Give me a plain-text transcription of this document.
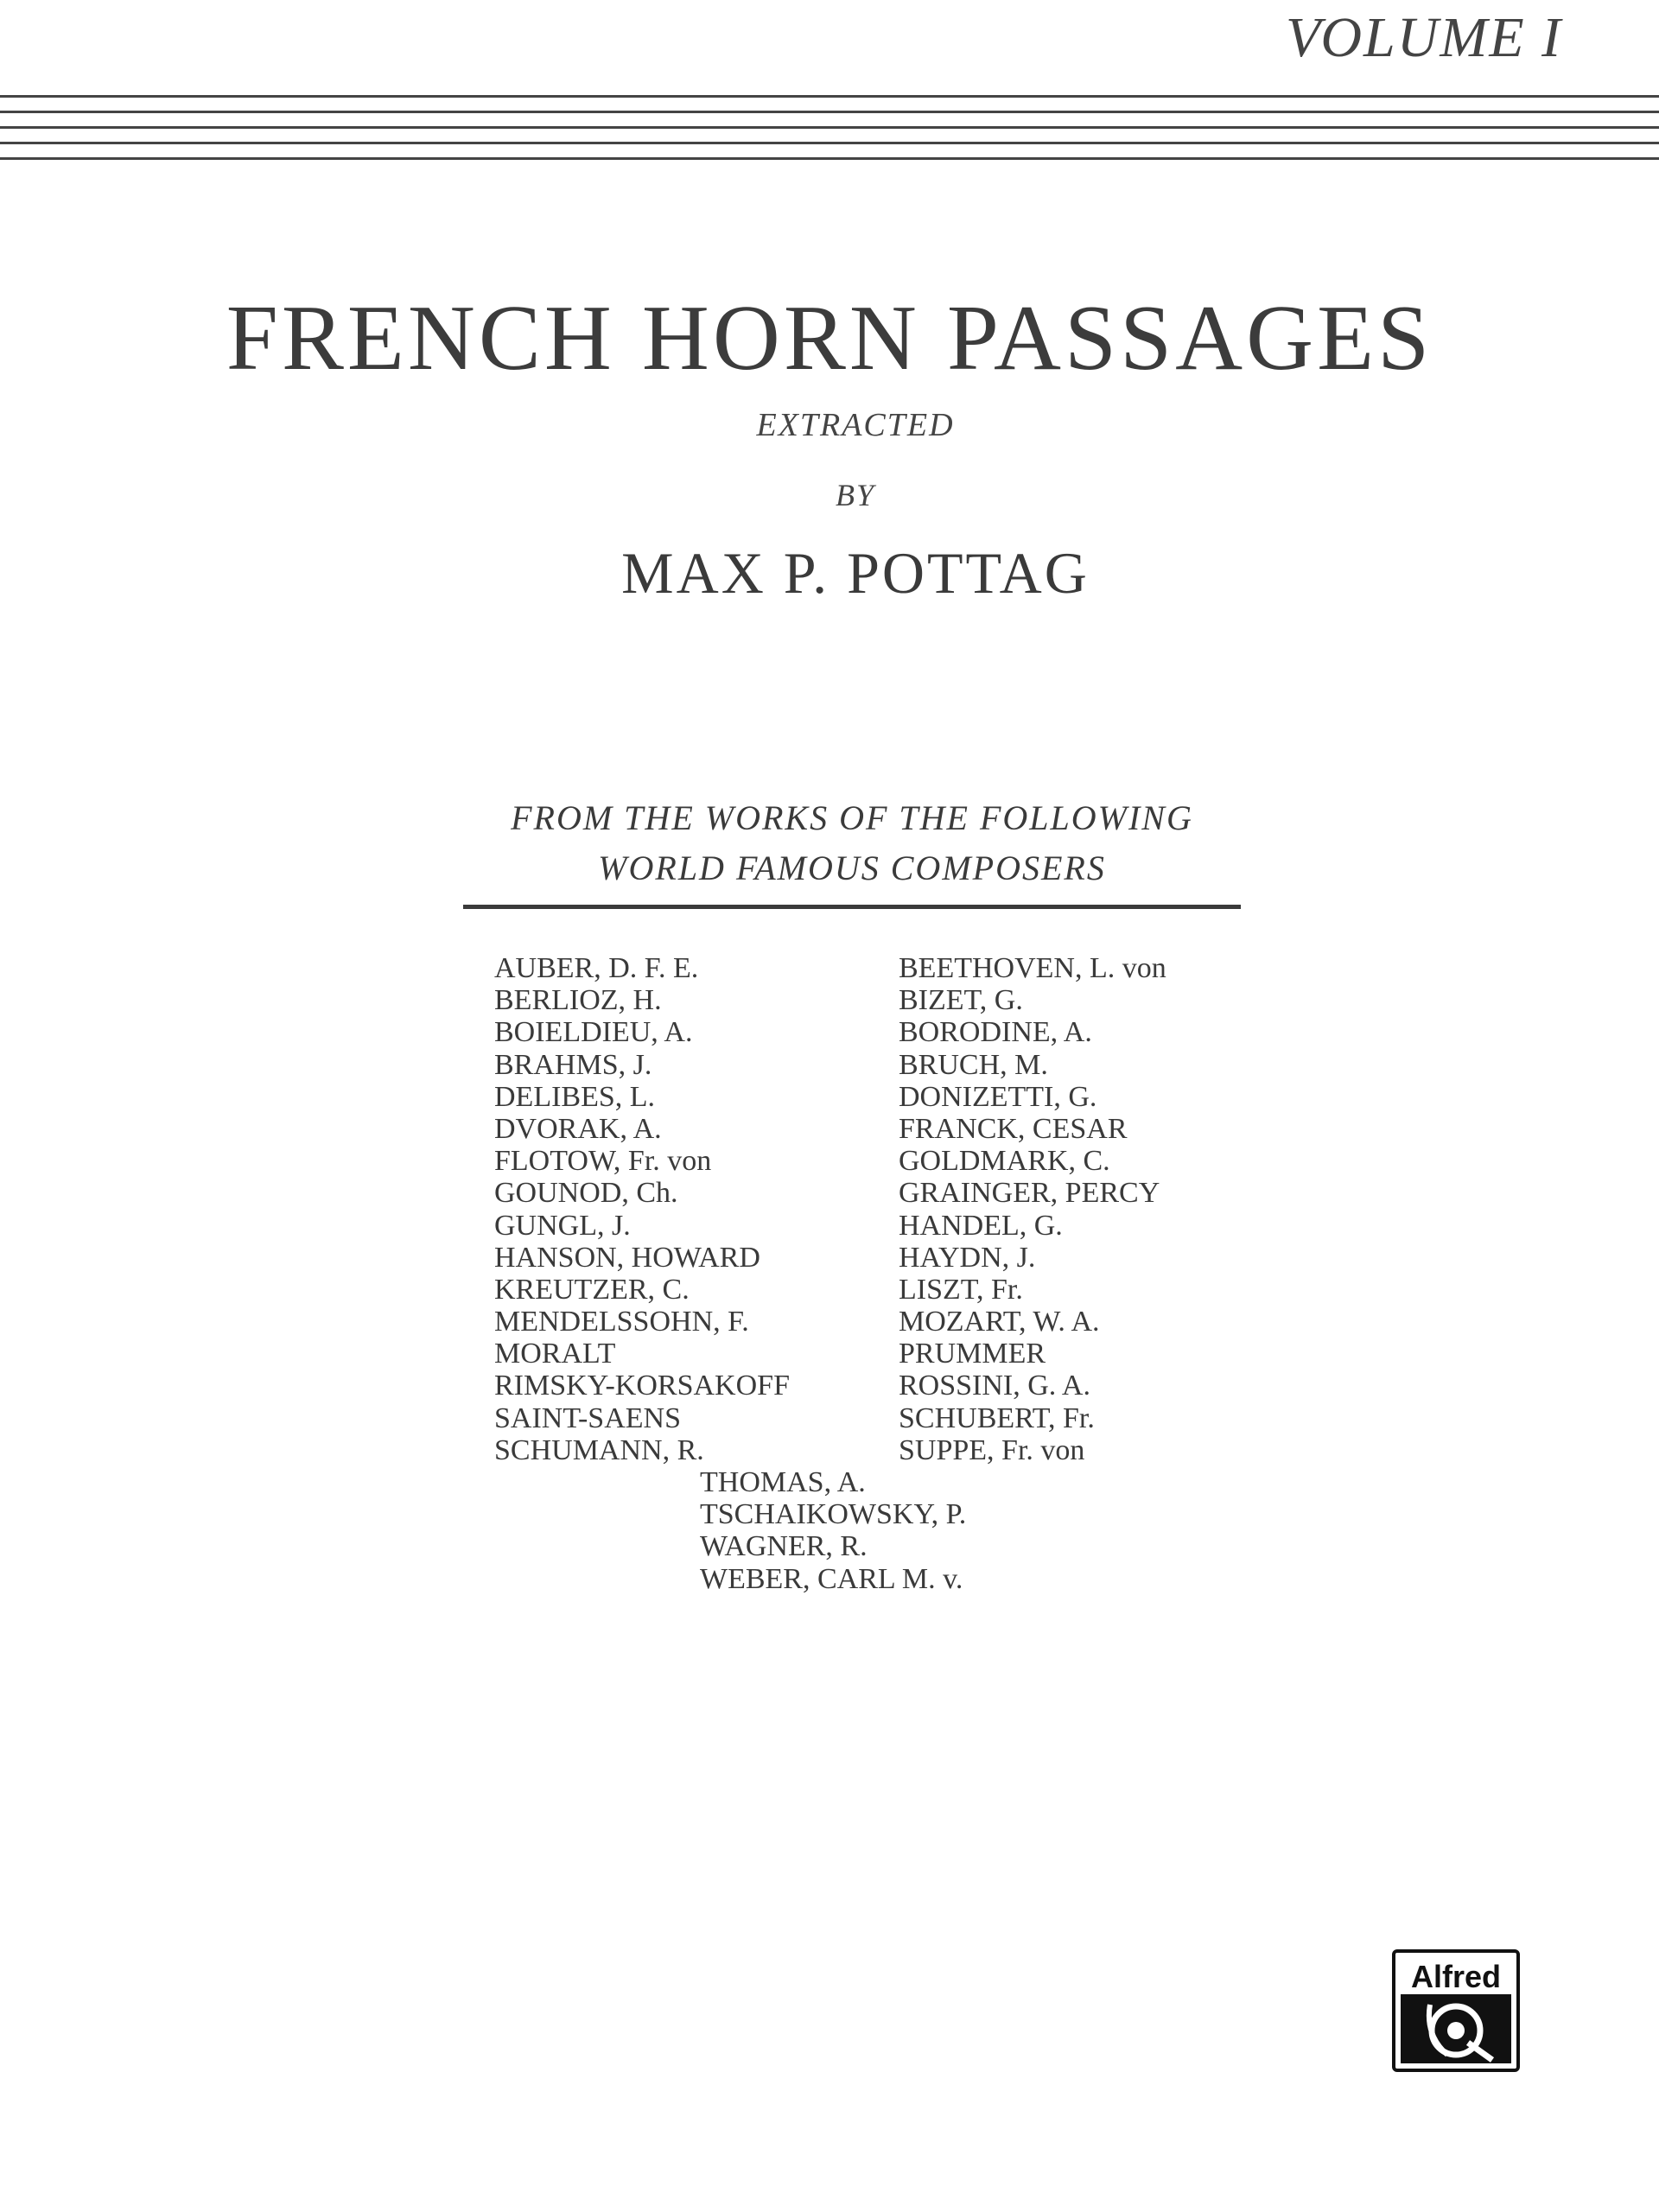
VOLUME I
FRENCH HORN PASSAGES
EXTRACTED
BY
MAX P. POTTAG
FROM THE WORKS OF THE FOLLOWING
WORLD FAMOUS COMPOSERS
AUBER, D. F. E.
BERLIOZ, H.
BOIELDIEU, A.
BRAHMS, J.
DELIBES, L.
DVORAK, A.
FLOTOW, Fr. von
GOUNOD, Ch.
GUNGL, J.
HANSON, HOWARD
KREUTZER, C.
MENDELSSOHN, F.
MORALT
RIMSKY-KORSAKOFF
SAINT-SAENS
SCHUMANN, R.
BEETHOVEN, L. von
BIZET, G.
BORODINE, A.
BRUCH, M.
DONIZETTI, G.
FRANCK, CESAR
GOLDMARK, C.
GRAINGER, PERCY
HANDEL, G.
HAYDN, J.
LISZT, Fr.
MOZART, W. A.
PRUMMER
ROSSINI, G. A.
SCHUBERT, Fr.
SUPPE, Fr. von
THOMAS, A.
TSCHAIKOWSKY, P.
WAGNER, R.
WEBER, CARL M. v.
Alfred
